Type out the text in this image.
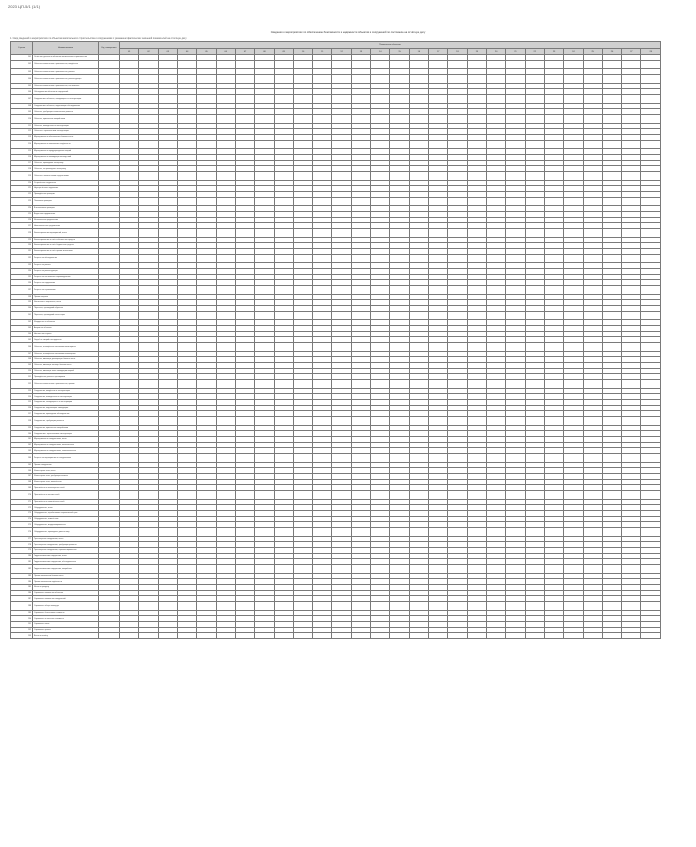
2023 ЦП-5/1 (1/1)
Сведения о мероприятиях по обеспечению безопасности и надёжности объектов и сооружений по состоянию на отчётную дату
1. Свод сведений о мероприятиях по объектам капитального строительства и сооружениям с указанием фактических значений показателей на отчётную дату
Строка	Наименование	Ед. измерения	Показатели объектов																											
			01	02	03	04	05	06	07	08	09	10	11	12	13	14	15	16	17	18	19	20	21	22	23	24	25	26	27	28
101	Отчётные данные по объектам капитального строительства																													
102	Объекты капитального строительства, введённые																													
103	Объекты капитального строительства, ремонт																													
104	Объекты капитального строительства, реконструкция																													
105	Объекты капитального строительства, техническое																													
106	Обследование объектов и сооружений																													
107	Сооружения и объекты, находящиеся в эксплуатации																													
108	Сооружения и объекты, подлежащие обследованию																													
109	Объекты, требующие капитального ремонта																													
110	Объекты, признанные аварийными																													
111	Объекты, выведенные из эксплуатации																													
112	Объекты с ограничением эксплуатации																													
113	Мероприятия по обеспечению безопасности																													
114	Мероприятия по повышению надёжности																													
115	Мероприятия по предупреждению аварий																													
116	Мероприятия по ликвидации последствий																													
117	Объекты, прошедшие экспертизу																													
118	Объекты, не прошедшие экспертизу																													
119	Объекты с выявленными нарушениями																													
120	Устранённые нарушения																													
121	Неустранённые нарушения																													
122	Проведённые проверки																													
123	Плановые проверки																													
124	Внеплановые проверки																													
125	Выданные предписания																													
126	Исполненные предписания																													
127	Неисполненные предписания																													
128	Финансирование мероприятий, всего																													
129	Финансирование за счёт собственных средств																													
130	Финансирование за счёт бюджетных средств																													
131	Финансирование за счёт прочих источников																													
132	Затраты на обследование																													
133	Затраты на ремонт																													
134	Затраты на реконструкцию																													
135	Затраты на техническое перевооружение																													
136	Затраты на содержание																													
137	Затраты на страхование																													
138	Прочие затраты																													
139	Численность персонала, всего																													
140	Персонал, прошедший обучение																													
141	Персонал, прошедший аттестацию																													
142	Инциденты на объектах																													
143	Аварии на объектах																													
144	Несчастные случаи																													
145	Ущерб от аварий и инцидентов																													
146	Объекты, оснащённые системами мониторинга																													
147	Объекты, оснащённые системами оповещения																													
148	Объекты, имеющие декларацию безопасности																													
149	Объекты, имеющие паспорт безопасности																													
150	Объекты, имеющие план ликвидации аварий																													
151	Проведённые учения и тренировки																													
152	Объекты капитального строительства, прочие																													
153	Сооружения, введённые в эксплуатацию																													
154	Сооружения, выведенные из эксплуатации																													
155	Сооружения, находящиеся на консервации																													
156	Сооружения, подлежащие ликвидации																													
157	Сооружения, прошедшие обследование																													
158	Сооружения, требующие ремонта																													
159	Сооружения, признанные аварийными																													
160	Сооружения с ограничением эксплуатации																													
161	Мероприятия по сооружениям, всего																													
162	Мероприятия по сооружениям, выполненные																													
163	Мероприятия по сооружениям, невыполненные																													
164	Затраты на мероприятия по сооружениям																													
165	Прочие сооружения																													
166	Инженерные сети, всего																													
167	Инженерные сети, требующие замены																													
168	Инженерные сети, заменённые																													
169	Протяжённость инженерных сетей																													
170	Протяжённость ветхих сетей																													
171	Протяжённость заменённых сетей																													
172	Оборудование, всего																													
173	Оборудование, отработавшее нормативный срок																													
174	Оборудование, заменённое																													
175	Оборудование, модернизированное																													
176	Оборудование, прошедшее диагностику																													
177	Транспортные сооружения, всего																													
178	Транспортные сооружения, требующие ремонта																													
179	Транспортные сооружения, отремонтированные																													
180	Гидротехнические сооружения, всего																													
181	Гидротехнические сооружения, обследованные																													
182	Гидротехнические сооружения, аварийные																													
183	Прочие показатели безопасности																													
184	Прочие показатели надёжности																													
185	Итого по разделу																													
186	Справочно: количество объектов																													
187	Справочно: количество сооружений																													
188	Справочно: общая площадь																													
189	Справочно: балансовая стоимость																													
190	Справочно: остаточная стоимость																													
191	Справочно: износ																													
192	Справочно: прочее																													
193	Всего по отчёту																													
